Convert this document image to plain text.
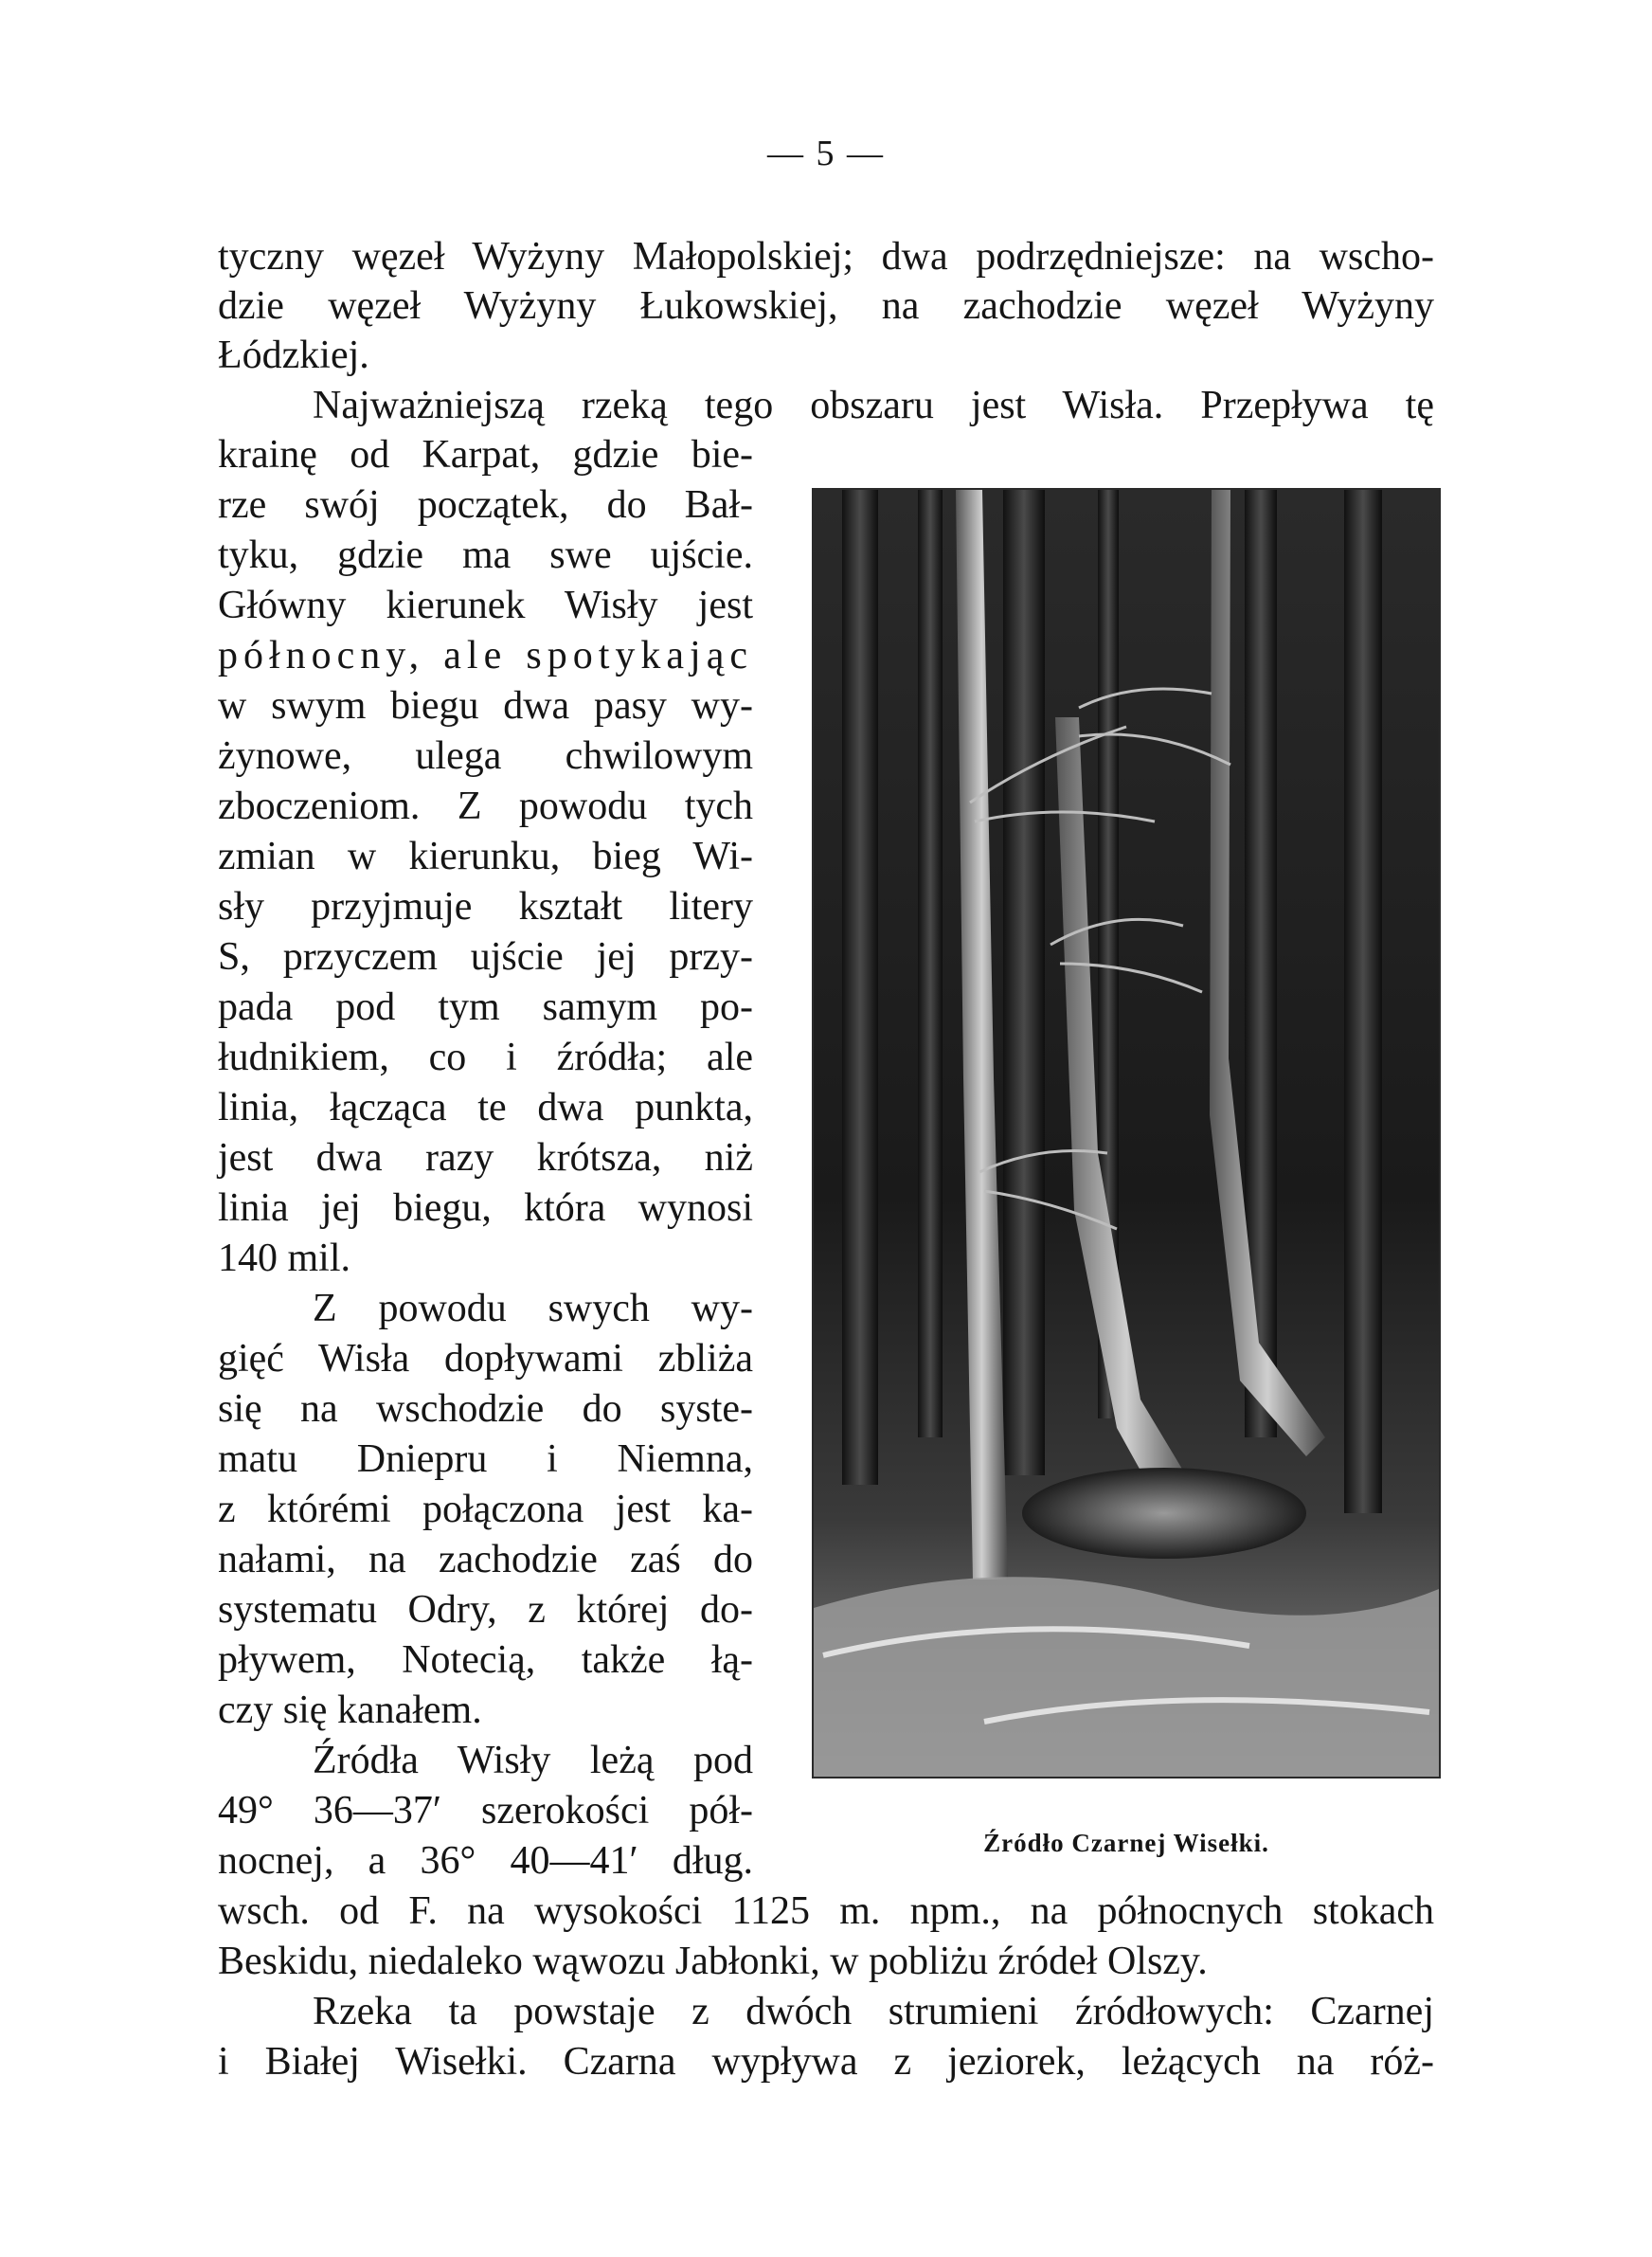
— 5 —
tyczny węzeł Wyżyny Małopolskiej; dwa podrzędniejsze: na wscho-
dzie węzeł Wyżyny Łukowskiej, na zachodzie węzeł Wyżyny
Łódzkiej.
Najważniejszą rzeką tego obszaru jest Wisła. Przepływa tę
krainę od Karpat, gdzie bie-
rze swój początek, do Bał-
tyku, gdzie ma swe ujście.
Główny kierunek Wisły jest
północny, ale spotykając
w swym biegu dwa pasy wy-
żynowe, ulega chwilowym
zboczeniom. Z powodu tych
zmian w kierunku, bieg Wi-
sły przyjmuje kształt litery
S, przyczem ujście jej przy-
pada pod tym samym po-
łudnikiem, co i źródła; ale
linia, łącząca te dwa punkta,
jest dwa razy krótsza, niż
linia jej biegu, która wynosi
140 mil.
Z powodu swych wy-
gięć Wisła dopływami zbliża
się na wschodzie do syste-
matu Dniepru i Niemna,
z którémi połączona jest ka-
nałami, na zachodzie zaś do
systematu Odry, z której do-
pływem, Notecią, także łą-
czy się kanałem.
Źródła Wisły leżą pod
49° 36—37′ szerokości pół-
nocnej, a 36° 40—41′ dług.
wsch. od F. na wysokości 1125 m. npm., na północnych stokach
Beskidu, niedaleko wąwozu Jabłonki, w pobliżu źródeł Olszy.
Rzeka ta powstaje z dwóch strumieni źródłowych: Czarnej
i Białej Wisełki. Czarna wypływa z jeziorek, leżących na róż-
Źródło Czarnej Wisełki.
